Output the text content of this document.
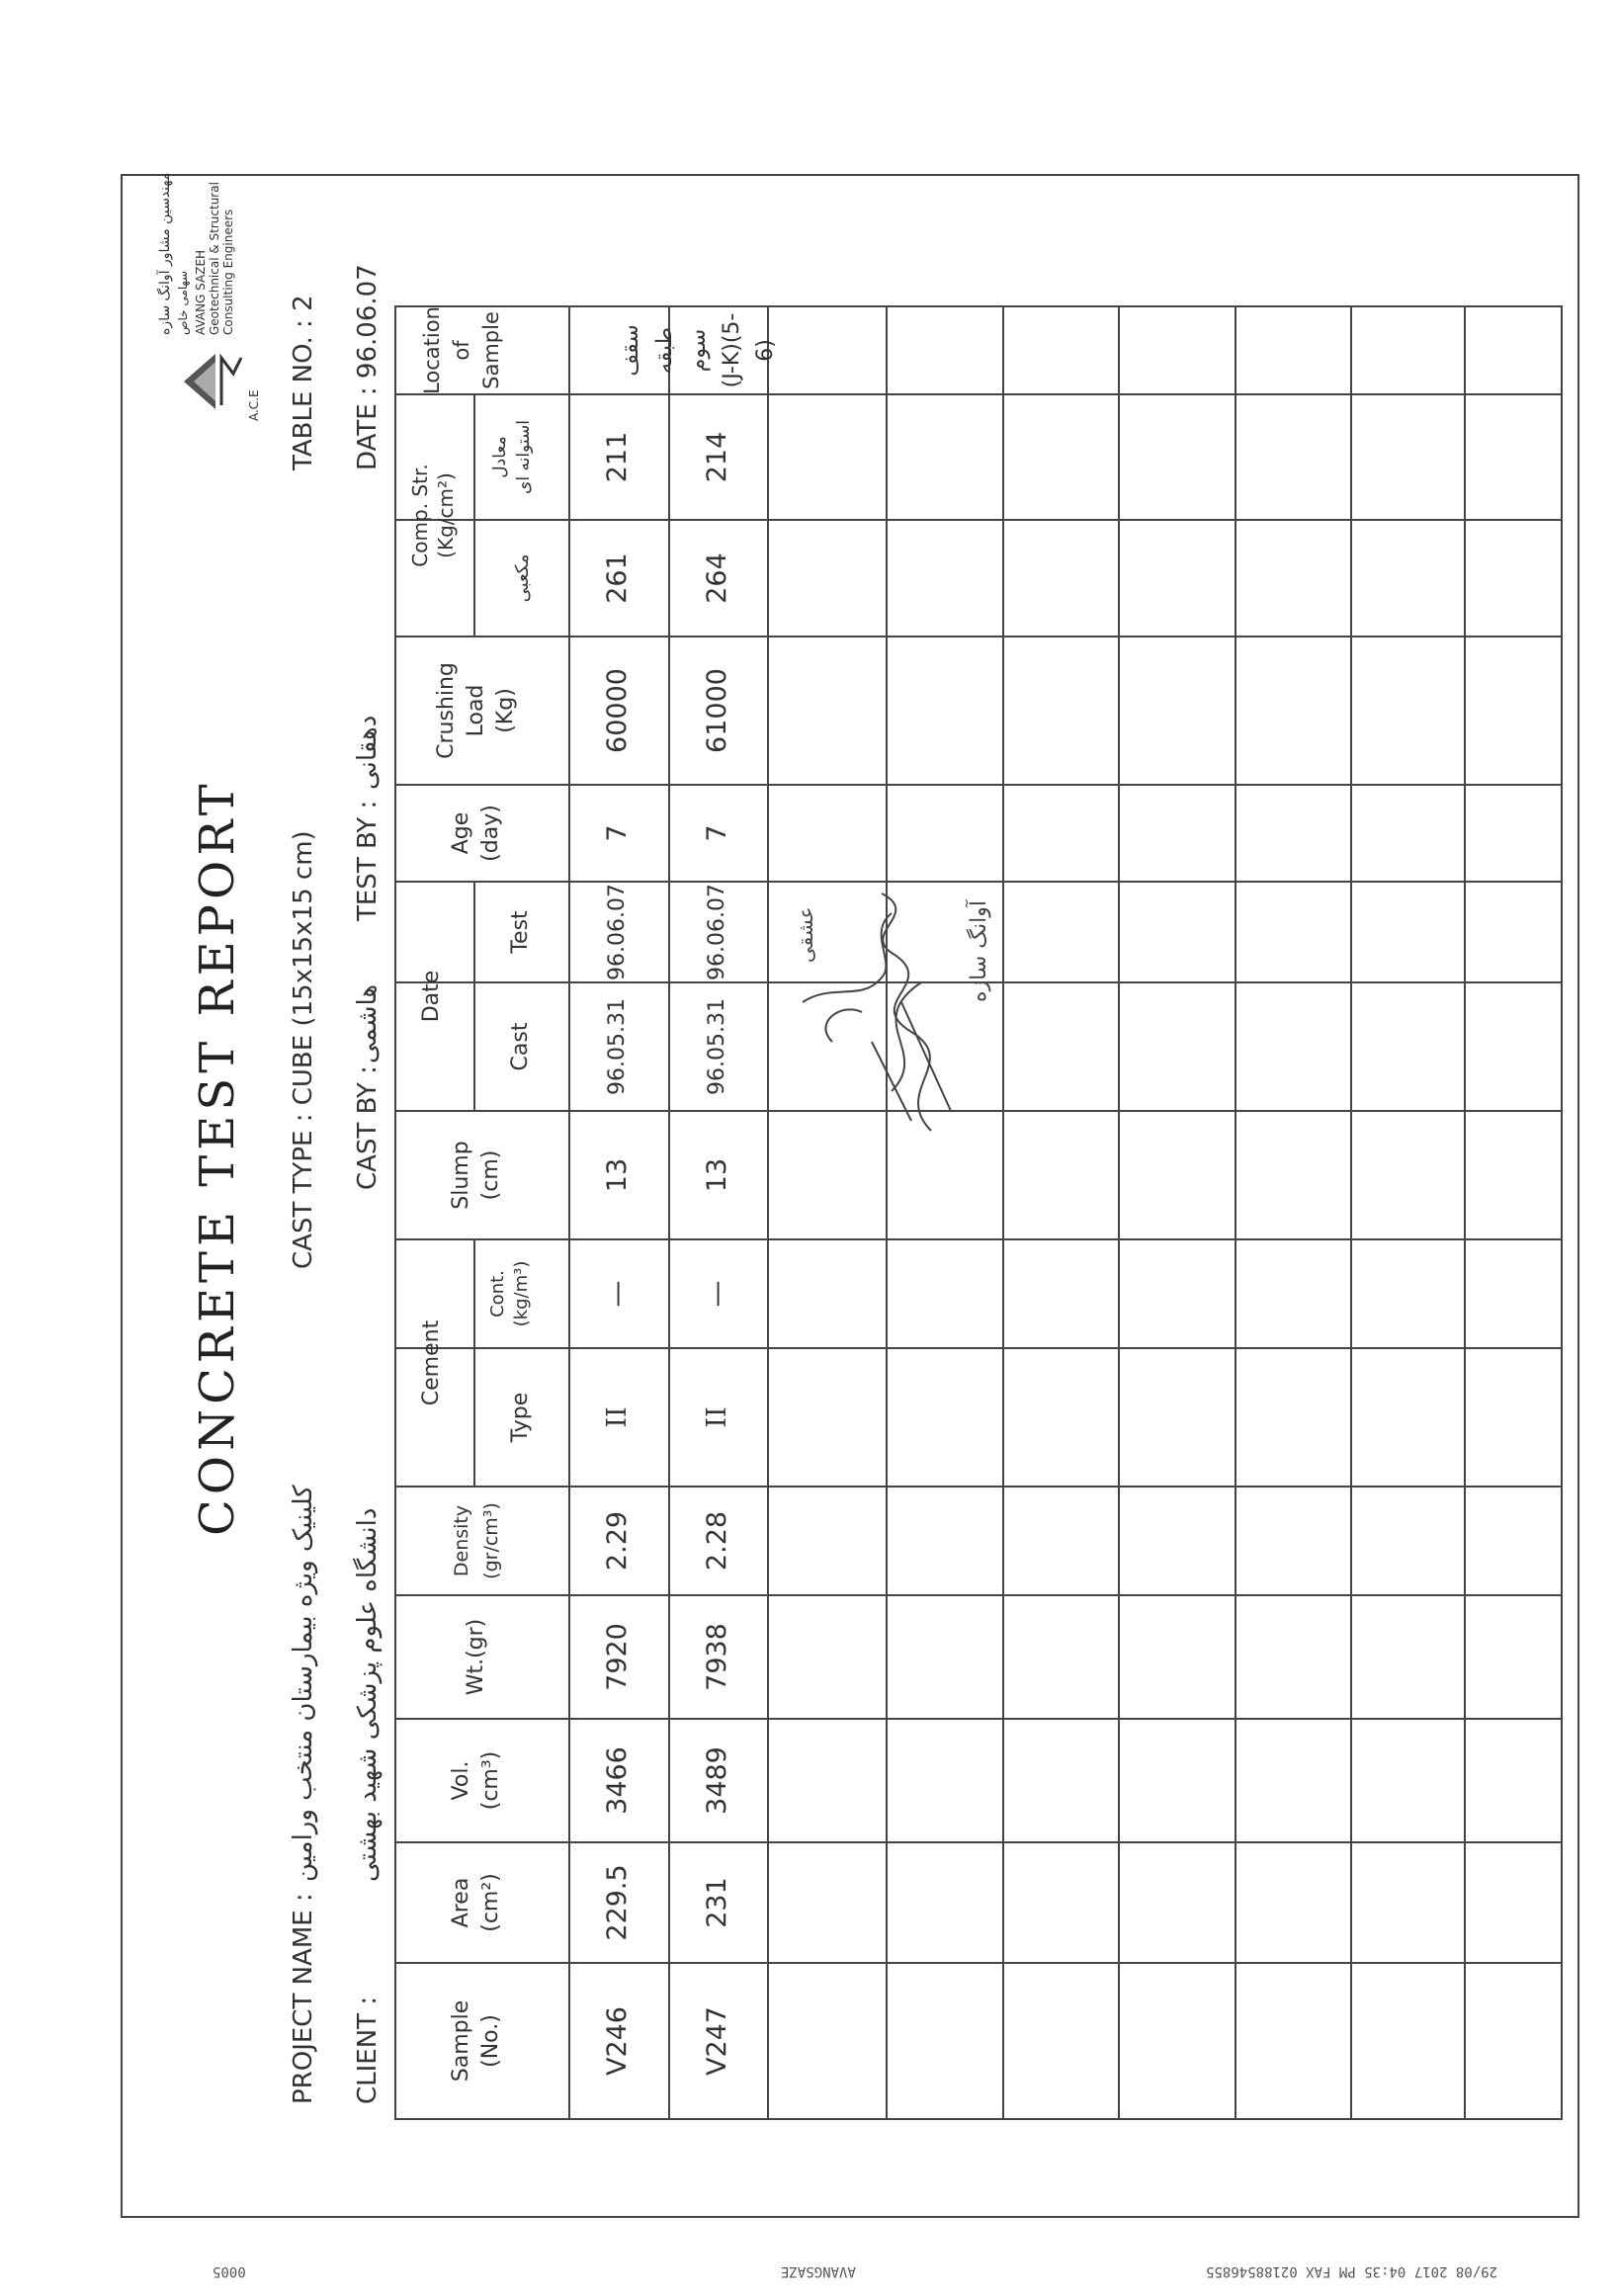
29/08 2017 04:35 PM FAX 02188546855
AVANGSAZE
0005
CONCRETE TEST REPORT
A.C.E
مهندسین مشاور آوانگ سازه سهامی خاص AVANG SAZEH Geotechnical & Structural Consulting Engineers
TABLE NO. : 2 DATE : 96.06.07
PROJECT NAME :
کلینیک ویژه بیمارستان منتخب ورامین
CLIENT :
دانشگاه علوم پزشکی شهید بهشتی
CAST TYPE : CUBE (15x15x15 cm) CAST BY :
هاشمی
TEST BY :
دهقانی
Sample (No.)
Area (cm²)
Vol. (cm³)
Wt.(gr)
Density (gr/cm³)
Cement
Type
Cont. (kg/m³)
Slump (cm)
Date
Cast
Test
Age (day)
Crushing Load (Kg)
Comp. Str. (Kg/cm²)
مکعبی
معادل استوانه ای
Location of Sample
V246
229.5
3466
7920
2.29
II
—
13
96.05.31
96.06.07
7
60000
261
211
V247
231
3489
7938
2.28
II
—
13
96.05.31
96.06.07
7
61000
264
214
سقف طبقه سوم (J-K)(5-6)
آوانگ سازه
عشقی
